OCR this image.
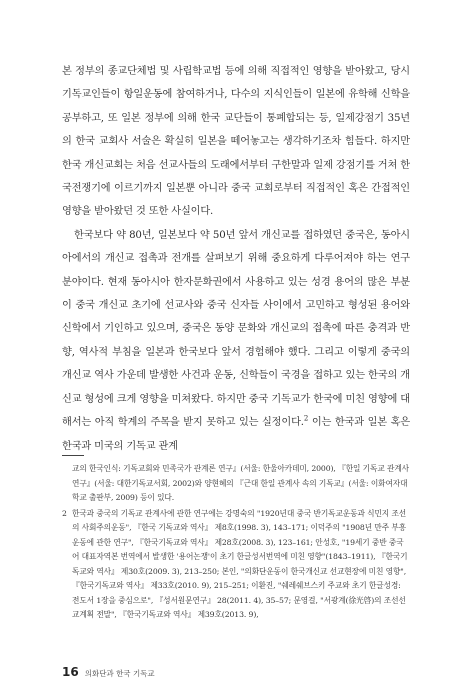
본 정부의 종교단체법 및 사립학교법 등에 의해 직접적인 영향을 받아왔고, 당시 기독교인들이 항일운동에 참여하거나, 다수의 지식인들이 일본에 유학해 신학을 공부하고, 또 일본 정부에 의해 한국 교단들이 통폐합되는 등, 일제강점기 35년의 한국 교회사 서술은 확실히 일본을 떼어놓고는 생각하기조차 힘들다. 하지만 한국 개신교회는 처음 선교사들의 도래에서부터 구한말과 일제 강점기를 거쳐 한국전쟁기에 이르기까지 일본뿐 아니라 중국 교회로부터 직접적인 혹은 간접적인 영향을 받아왔던 것 또한 사실이다.

한국보다 약 80년, 일본보다 약 50년 앞서 개신교를 접하였던 중국은, 동아시아에서의 개신교 접촉과 전개를 살펴보기 위해 중요하게 다루어져야 하는 연구 분야이다. 현재 동아시아 한자문화권에서 사용하고 있는 성경 용어의 많은 부분이 중국 개신교 초기에 선교사와 중국 신자들 사이에서 고민하고 형성된 용어와 신학에서 기인하고 있으며, 중국은 동양 문화와 개신교의 접촉에 따른 충격과 반향, 역사적 부침을 일본과 한국보다 앞서 경험해야 했다. 그리고 이렇게 중국의 개신교 역사 가운데 발생한 사건과 운동, 신학들이 국경을 접하고 있는 한국의 개신교 형성에 크게 영향을 미쳐왔다. 하지만 중국 기독교가 한국에 미친 영향에 대해서는 아직 학계의 주목을 받지 못하고 있는 실정이다.$^2$ 이는 한국과 일본 혹은 한국과 미국의 기독교 관계

교의 한국인식: 기독교회와 민족국가 관계론 연구』(서울: 한울아카데미, 2000), 『한일 기독교 관계사 연구』(서울: 대한기독교서회, 2002)와 양현혜의 『근대 한일 관계사 속의 기독교』(서울: 이화여자대학교 출판부, 2009) 등이 있다.
2 한국과 중국의 기독교 관계사에 관한 연구에는 강명숙의 "1920년대 중국 반기독교운동과 식민지 조선의 사회주의운동", 『한국 기독교와 역사』 제8호(1998. 3), 143–171; 이덕주의 "1908년 만주 부흥운동에 관한 연구", 『한국기독교와 역사』 제28호(2008. 3), 123–161; 안성호, "19세기 중반 중국어 대표자역본 번역에서 발생한 '용어논쟁'이 초기 한글성서번역에 미친 영향"(1843–1911), 『한국기독교와 역사』 제30호(2009. 3), 213–250; 본인, "의화단운동이 한국개신교 선교현장에 미친 영향", 『한국기독교와 역사』 제33호(2010. 9), 215–251; 이환진, "쉐레쉐브스키 주교와 초기 한글성경: 전도서 1장을 중심으로", 『성서원문연구』 28(2011. 4), 35–57; 문영걸, "서광계(徐光啓)의 조선선교계획 전말", 『한국기독교와 역사』 제39호(2013. 9),
16 의화단과 한국 기독교
